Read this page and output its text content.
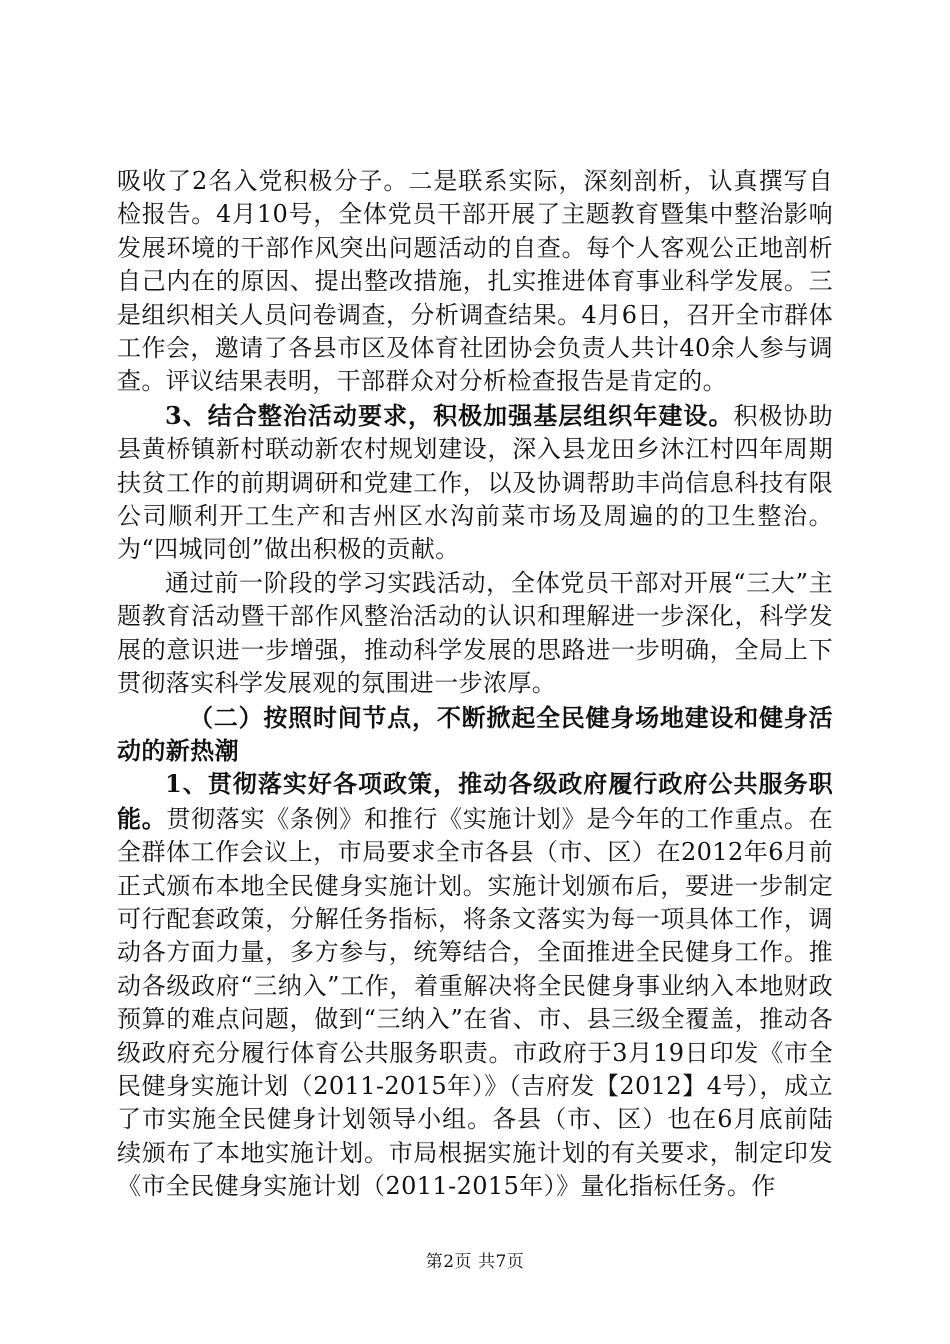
吸收了2名入党积极分子。二是联系实际，深刻剖析，认真撰写自检报告。4月10号，全体党员干部开展了主题教育暨集中整治影响发展环境的干部作风突出问题活动的自查。每个人客观公正地剖析自己内在的原因、提出整改措施，扎实推进体育事业科学发展。三是组织相关人员问卷调查，分析调查结果。4月6日，召开全市群体工作会，邀请了各县市区及体育社团协会负责人共计40余人参与调查。评议结果表明，干部群众对分析检查报告是肯定的。

3、结合整治活动要求，积极加强基层组织年建设。积极协助县黄桥镇新村联动新农村规划建设，深入县龙田乡沐江村四年周期扶贫工作的前期调研和党建工作，以及协调帮助丰尚信息科技有限公司顺利开工生产和吉州区水沟前菜市场及周遍的的卫生整治。为“四城同创”做出积极的贡献。

通过前一阶段的学习实践活动，全体党员干部对开展“三大”主题教育活动暨干部作风整治活动的认识和理解进一步深化，科学发展的意识进一步增强，推动科学发展的思路进一步明确，全局上下贯彻落实科学发展观的氛围进一步浓厚。

（二）按照时间节点，不断掀起全民健身场地建设和健身活动的新热潮

1、贯彻落实好各项政策，推动各级政府履行政府公共服务职能。贯彻落实《条例》和推行《实施计划》是今年的工作重点。在全群体工作会议上，市局要求全市各县（市、区）在2012年6月前正式颁布本地全民健身实施计划。实施计划颁布后，要进一步制定可行配套政策，分解任务指标，将条文落实为每一项具体工作，调动各方面力量，多方参与，统筹结合，全面推进全民健身工作。推动各级政府“三纳入”工作，着重解决将全民健身事业纳入本地财政预算的难点问题，做到“三纳入”在省、市、县三级全覆盖，推动各级政府充分履行体育公共服务职责。市政府于3月19日印发《市全民健身实施计划（2011-2015年）》（吉府发【2012】4号），成立了市实施全民健身计划领导小组。各县（市、区）也在6月底前陆续颁布了本地实施计划。市局根据实施计划的有关要求，制定印发《市全民健身实施计划（2011-2015年）》量化指标任务。作

第2页 共7页
